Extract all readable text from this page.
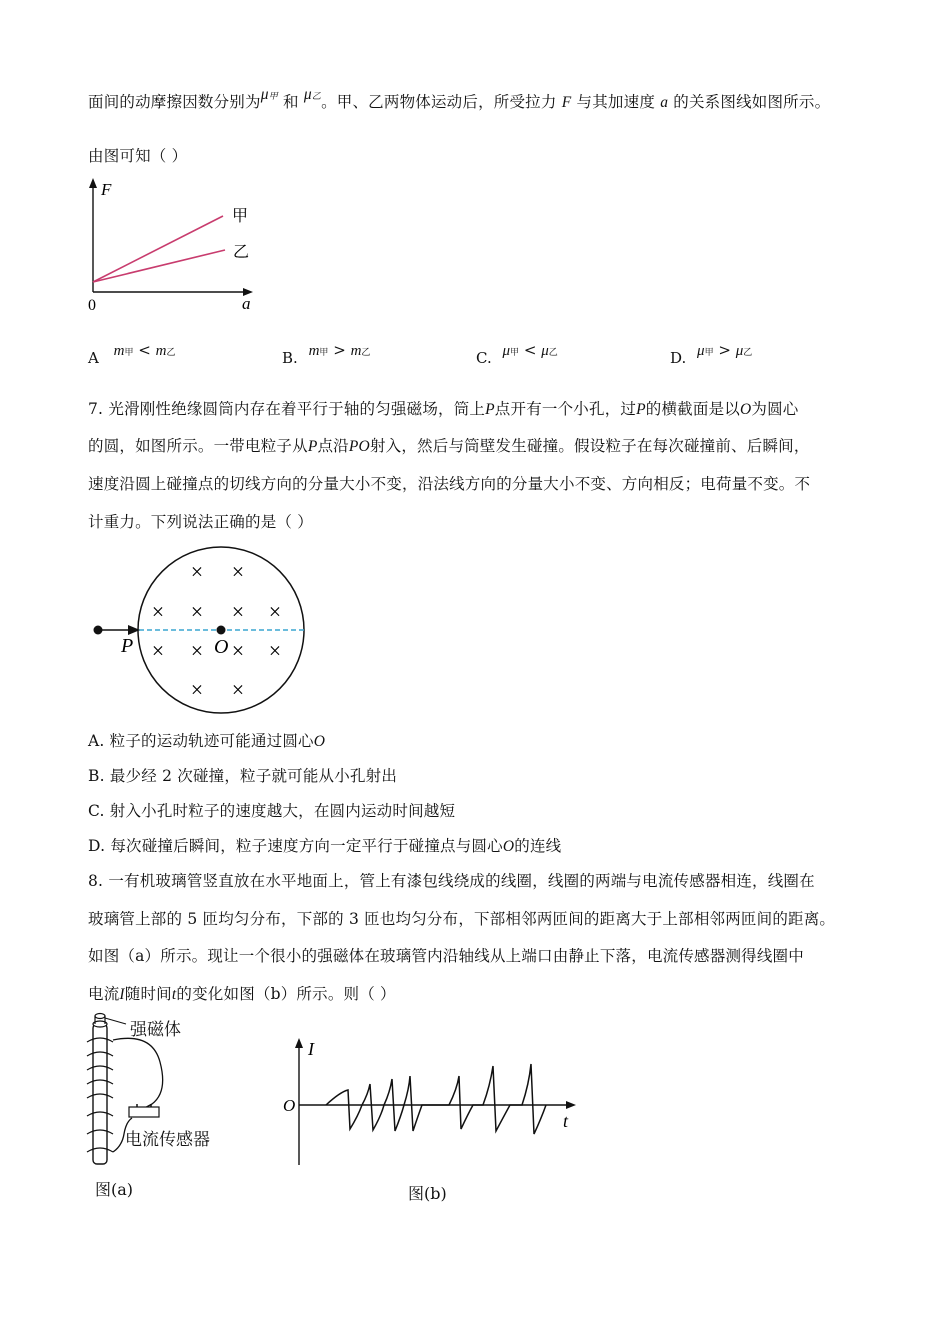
面间的动摩擦因数分别为μ甲 和 μ乙。甲、乙两物体运动后，所受拉力 F 与其加速度 a 的关系图线如图所示。
由图可知（ ）
F
a
0
甲
乙
A m甲 < m乙	B. m甲 > m乙	C. μ甲 < μ乙	D. μ甲 > μ乙
7. 光滑刚性绝缘圆筒内存在着平行于轴的匀强磁场，筒上P点开有一个小孔，过P的横截面是以O为圆心
的圆，如图所示。一带电粒子从P点沿PO射入，然后与筒壁发生碰撞。假设粒子在每次碰撞前、后瞬间，
速度沿圆上碰撞点的切线方向的分量大小不变，沿法线方向的分量大小不变、方向相反；电荷量不变。不
计重力。下列说法正确的是（ ）
P	O
× ×
× × × ×
× × × ×
× ×
A. 粒子的运动轨迹可能通过圆心O
B. 最少经 2 次碰撞，粒子就可能从小孔射出
C. 射入小孔时粒子的速度越大，在圆内运动时间越短
D. 每次碰撞后瞬间，粒子速度方向一定平行于碰撞点与圆心O的连线
8. 一有机玻璃管竖直放在水平地面上，管上有漆包线绕成的线圈，线圈的两端与电流传感器相连，线圈在
玻璃管上部的 5 匝均匀分布，下部的 3 匝也均匀分布，下部相邻两匝间的距离大于上部相邻两匝间的距离。
如图（a）所示。现让一个很小的强磁体在玻璃管内沿轴线从上端口由静止下落，电流传感器测得线圈中
电流I随时间t的变化如图（b）所示。则（ ）
强磁体
电流传感器
图(a)
I
t
O
图(b)
